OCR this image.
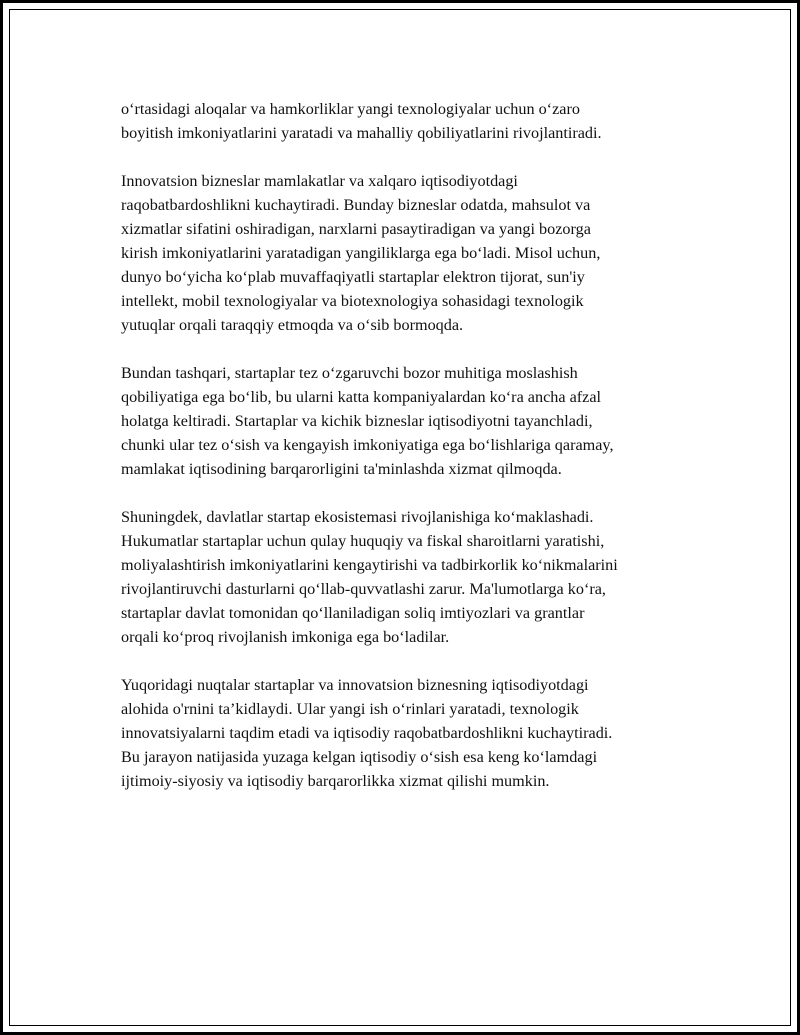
o‘rtasidagi aloqalar va hamkorliklar yangi texnologiyalar uchun o‘zaro
boyitish imkoniyatlarini yaratadi va mahalliy qobiliyatlarini rivojlantiradi.

Innovatsion bizneslar mamlakatlar va xalqaro iqtisodiyotdagi
raqobatbardoshlikni kuchaytiradi. Bunday bizneslar odatda, mahsulot va
xizmatlar sifatini oshiradigan, narxlarni pasaytiradigan va yangi bozorga
kirish imkoniyatlarini yaratadigan yangiliklarga ega bo‘ladi. Misol uchun,
dunyo bo‘yicha ko‘plab muvaffaqiyatli startaplar elektron tijorat, sun'iy
intellekt, mobil texnologiyalar va biotexnologiya sohasidagi texnologik
yutuqlar orqali taraqqiy etmoqda va o‘sib bormoqda.

Bundan tashqari, startaplar tez o‘zgaruvchi bozor muhitiga moslashish
qobiliyatiga ega bo‘lib, bu ularni katta kompaniyalardan ko‘ra ancha afzal
holatga keltiradi. Startaplar va kichik bizneslar iqtisodiyotni tayanchladi,
chunki ular tez o‘sish va kengayish imkoniyatiga ega bo‘lishlariga qaramay,
mamlakat iqtisodining barqarorligini ta'minlashda xizmat qilmoqda.

Shuningdek, davlatlar startap ekosistemasi rivojlanishiga ko‘maklashadi.
Hukumatlar startaplar uchun qulay huquqiy va fiskal sharoitlarni yaratishi,
moliyalashtirish imkoniyatlarini kengaytirishi va tadbirkorlik ko‘nikmalarini
rivojlantiruvchi dasturlarni qo‘llab-quvvatlashi zarur. Ma'lumotlarga ko‘ra,
startaplar davlat tomonidan qo‘llaniladigan soliq imtiyozlari va grantlar
orqali ko‘proq rivojlanish imkoniga ega bo‘ladilar.

Yuqoridagi nuqtalar startaplar va innovatsion biznesning iqtisodiyotdagi
alohida o'rnini ta’kidlaydi. Ular yangi ish o‘rinlari yaratadi, texnologik
innovatsiyalarni taqdim etadi va iqtisodiy raqobatbardoshlikni kuchaytiradi.
Bu jarayon natijasida yuzaga kelgan iqtisodiy o‘sish esa keng ko‘lamdagi
ijtimoiy-siyosiy va iqtisodiy barqarorlikka xizmat qilishi mumkin.
